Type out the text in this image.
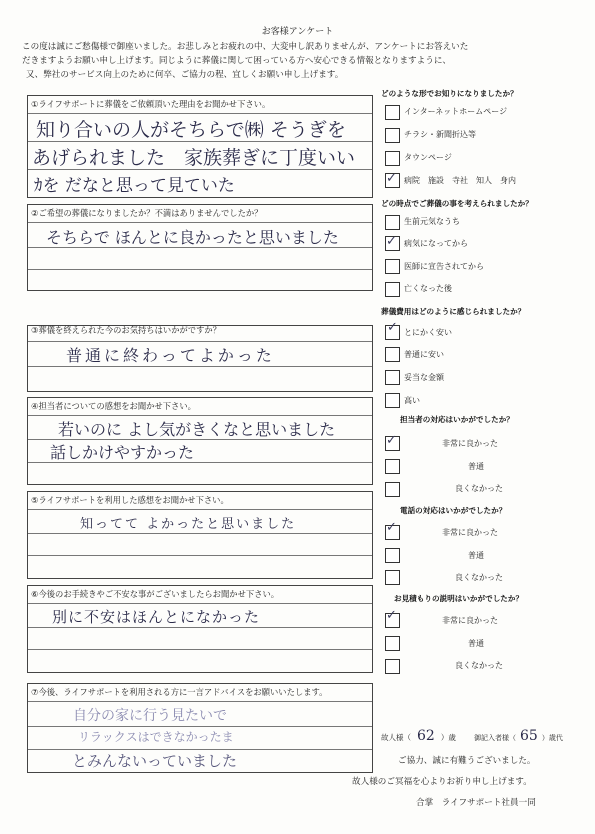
お客様アンケート
この度は誠にご愁傷様で御座いました。お悲しみとお疲れの中、大変申し訳ありませんが、アンケートにお答えいた
だきますようお願い申し上げます。同じように葬儀に関して困っている方へ安心できる情報となりますように、
又、弊社のサービス向上のために何卒、ご協力の程、宜しくお願い申し上げます。
①ライフサポートに葬儀をご依頼頂いた理由をお聞かせ下さい。
知り合いの人がそちらで㈱ そうぎを
あげられました　家族葬ぎに丁度いい
ｶを だなと思って見ていた
②ご希望の葬儀になりましたか？不満はありませんでしたか？
そちらで ほんとに良かったと思いました
③葬儀を終えられた今のお気持ちはいかがですか？
普通に終わってよかった
④担当者についての感想をお聞かせ下さい。
若いのに よし気がきくなと思いました
話しかけやすかった
⑤ライフサポートを利用した感想をお聞かせ下さい。
知ってて よかったと思いました
⑥今後のお手続きやご不安な事がございましたらお聞かせ下さい。
別に不安はほんとになかった
⑦今後、ライフサポートを利用される方に一言アドバイスをお願いいたします。
自分の家に行う見たいで
リラックスはできなかったま
とみんないっていました
どのような形でお知りになりましたか？
インターネットホームページ
チラシ・新聞折込等
タウンページ
✓ 病院　施設　寺社　知人　身内
どの時点でご葬儀の事を考えられましたか？
生前元気なうち
✓ 病気になってから
医師に宣告されてから
亡くなった後
葬儀費用はどのように感じられましたか？
✓ とにかく安い
普通に安い
妥当な金額
高い
担当者の対応はいかがでしたか？
✓	非常に良かった
普通
良くなかった
電話の対応はいかがでしたか？
✓	非常に良かった
普通
良くなかった
お見積もりの説明はいかがでしたか？
✓	非常に良かった
普通
良くなかった
故人様（ 62 ）歳	御記入者様（ 65 ）歳代
ご協力、誠に有難うございました。
故人様のご冥福を心よりお祈り申し上げます。
合掌　ライフサポート社員一同
